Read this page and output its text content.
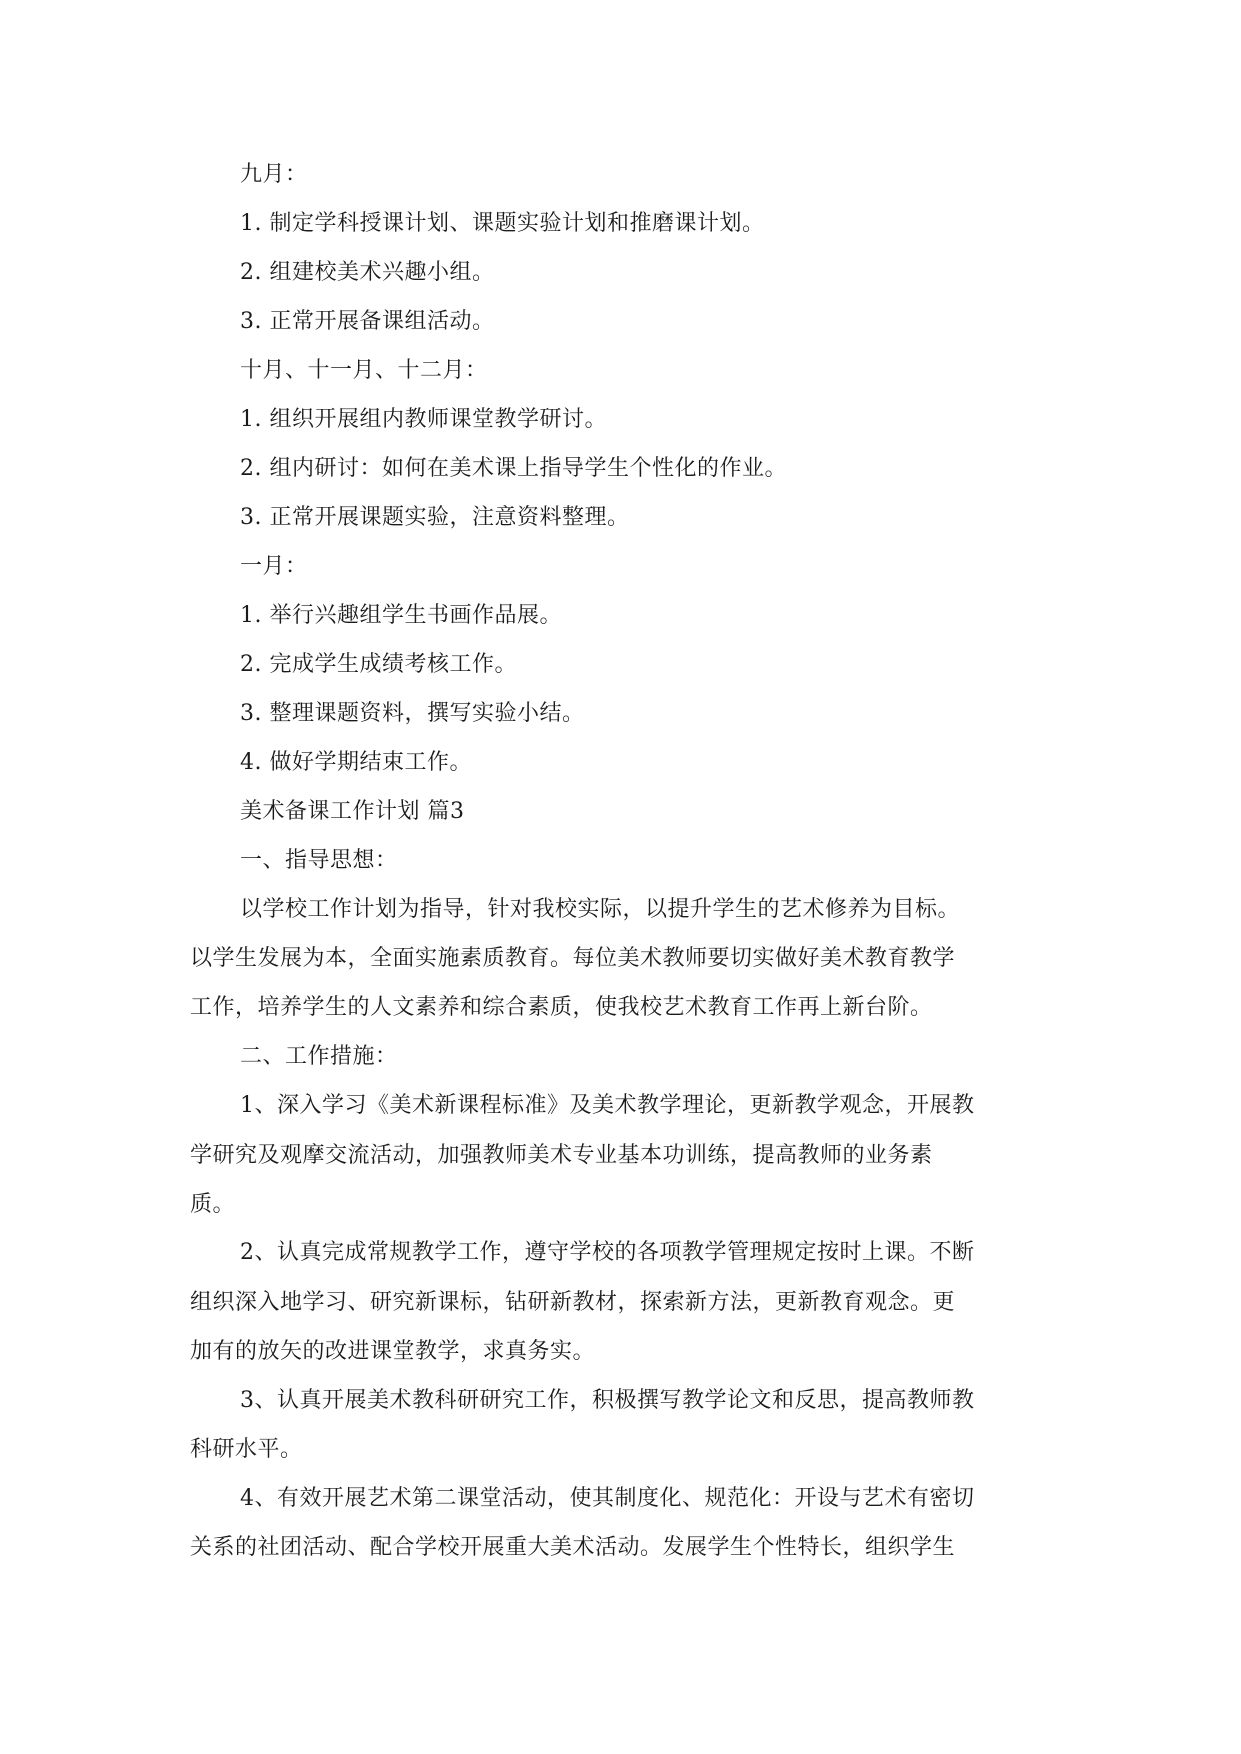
九月：

1. 制定学科授课计划、课题实验计划和推磨课计划。

2. 组建校美术兴趣小组。

3. 正常开展备课组活动。

十月、十一月、十二月：

1. 组织开展组内教师课堂教学研讨。

2. 组内研讨：如何在美术课上指导学生个性化的作业。

3. 正常开展课题实验，注意资料整理。

一月：

1. 举行兴趣组学生书画作品展。

2. 完成学生成绩考核工作。

3. 整理课题资料，撰写实验小结。

4. 做好学期结束工作。

美术备课工作计划 篇3

一、指导思想：

以学校工作计划为指导，针对我校实际，以提升学生的艺术修养为目标。

以学生发展为本，全面实施素质教育。每位美术教师要切实做好美术教育教学

工作，培养学生的人文素养和综合素质，使我校艺术教育工作再上新台阶。

二、工作措施：

1、深入学习《美术新课程标准》及美术教学理论，更新教学观念，开展教

学研究及观摩交流活动，加强教师美术专业基本功训练，提高教师的业务素

质。

2、认真完成常规教学工作，遵守学校的各项教学管理规定按时上课。不断

组织深入地学习、研究新课标，钻研新教材，探索新方法，更新教育观念。更

加有的放矢的改进课堂教学，求真务实。

3、认真开展美术教科研研究工作，积极撰写教学论文和反思，提高教师教

科研水平。

4、有效开展艺术第二课堂活动，使其制度化、规范化：开设与艺术有密切

关系的社团活动、配合学校开展重大美术活动。发展学生个性特长，组织学生
